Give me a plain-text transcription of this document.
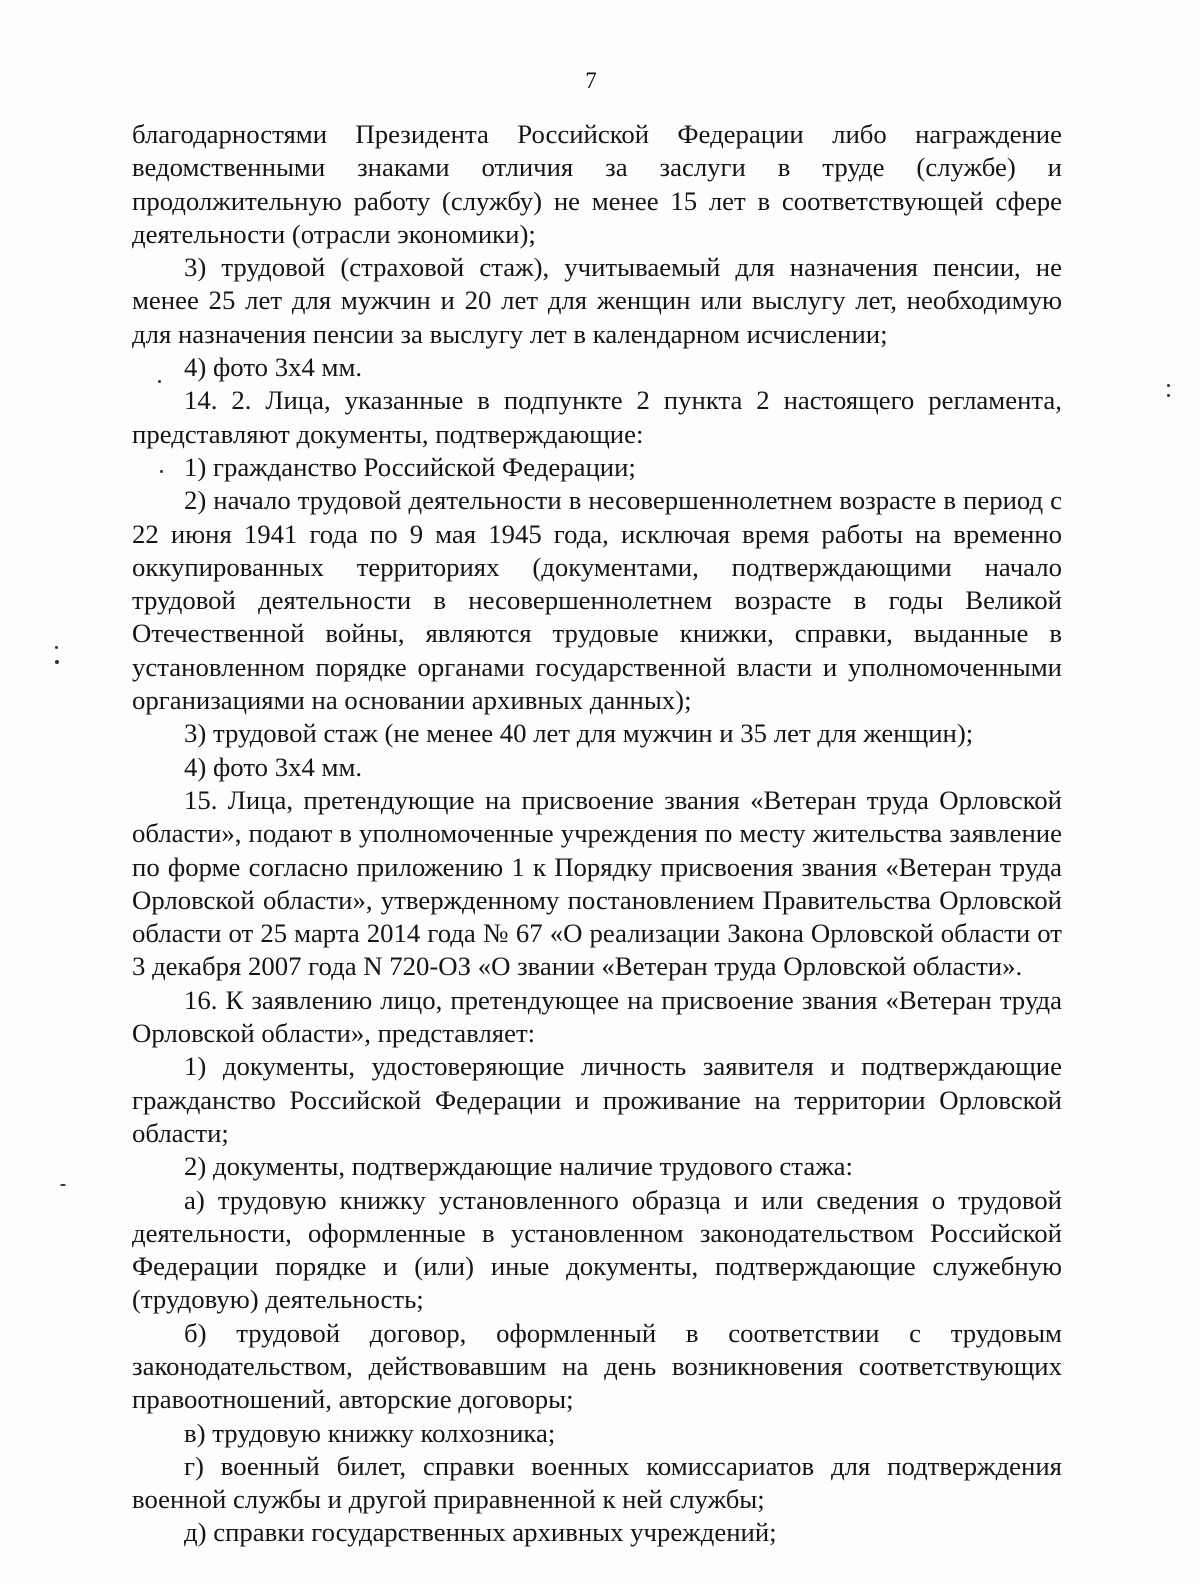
7

благодарностями Президента Российской Федерации либо награждение ведомственными знаками отличия за заслуги в труде (службе) и продолжительную работу (службу) не менее 15 лет в соответствующей сфере деятельности (отрасли экономики);

3) трудовой (страховой стаж), учитываемый для назначения пенсии, не менее 25 лет для мужчин и 20 лет для женщин или выслугу лет, необходимую для назначения пенсии за выслугу лет в календарном исчислении;

4) фото 3х4 мм.

14. 2. Лица, указанные в подпункте 2 пункта 2 настоящего регламента, представляют документы, подтверждающие:

1) гражданство Российской Федерации;

2) начало трудовой деятельности в несовершеннолетнем возрасте в период с 22 июня 1941 года по 9 мая 1945 года, исключая время работы на временно оккупированных территориях (документами, подтверждающими начало трудовой деятельности в несовершеннолетнем возрасте в годы Великой Отечественной войны, являются трудовые книжки, справки, выданные в установленном порядке органами государственной власти и уполномоченными организациями на основании архивных данных);

3) трудовой стаж (не менее 40 лет для мужчин и 35 лет для женщин);

4) фото 3х4 мм.

15. Лица, претендующие на присвоение звания «Ветеран труда Орловской области», подают в уполномоченные учреждения по месту жительства заявление по форме согласно приложению 1 к Порядку присвоения звания «Ветеран труда Орловской области», утвержденному постановлением Правительства Орловской области от 25 марта 2014 года № 67 «О реализации Закона Орловской области от 3 декабря 2007 года N 720-ОЗ «О звании «Ветеран труда Орловской области».

16. К заявлению лицо, претендующее на присвоение звания «Ветеран труда Орловской области», представляет:

1) документы, удостоверяющие личность заявителя и подтверждающие гражданство Российской Федерации и проживание на территории Орловской области;

2) документы, подтверждающие наличие трудового стажа:

а) трудовую книжку установленного образца и или сведения о трудовой деятельности, оформленные в установленном законодательством Российской Федерации порядке и (или) иные документы, подтверждающие служебную (трудовую) деятельность;

б) трудовой договор, оформленный в соответствии с трудовым законодательством, действовавшим на день возникновения соответствующих правоотношений, авторские договоры;

в) трудовую книжку колхозника;

г) военный билет, справки военных комиссариатов для подтверждения военной службы и другой приравненной к ней службы;

д) справки государственных архивных учреждений;
